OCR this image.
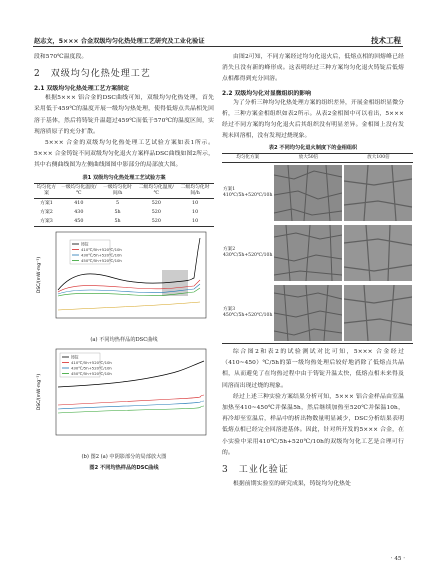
赵志文，5××× 合金双级均匀化热处理工艺研究及工业化验证	技术工程

段和570℃温度段。

2　双级均匀化热处理工艺
2.1 双级均匀化热处理工艺方案制定

根据5××× 铝合金的DSC曲线可知，双级均匀化热处理，首先采用低于459℃的温度开展一级均匀热处理，使得低熔点共晶相先回溶于基体，然后将铸锭升温超过459℃而低于570℃的温度区间，实现溶质原子的充分扩散。

5××× 合金的双级均匀化热处理工艺试验方案如表1所示。5××× 合金铸锭不同双级均匀化退火方案样品DSC曲线如图2所示，其中右侧曲线图为左侧曲线图图中影部分的局部放大图。

表1 双级均匀化热处理工艺试验方案
均匀化方案	一级均匀化温度/℃	一级均匀化时间/h	二级均匀化温度/℃	二级均匀化时间/h
方案1	410	5	520	10
方案2	430	5h	520	10
方案3	450	5h	520	10
DSC/(mW·mg⁻¹)
铸锭
410℃/5h+520℃/10h
430℃/5h+520℃/10h
450℃/5h+520℃/10h
(a) 不同均热样品的DSC曲线
DSC/(mW·mg⁻¹)
铸锭
410℃/5h+520℃/10h
430℃/5h+520℃/10h
450℃/5h+520℃/10h
(b) 图2 (a) 中阴影部分的局部放大图
图2 不同均热样品的DSC曲线

由图2可知，不同方案经过均匀化退火后，低熔点相的回熔峰已经消失且没有新的峰形成。这表明经过三种方案均匀化退火铸锭后低熔点相都得到充分回溶。

2.2 双级均匀化对显微组织的影响

为了分析三种均匀化热处理方案的组织差异，开展金相组织显微分析，三种方案金相组织如表2所示。从表2金相图中可以看出，5××× 经过不同方案的均匀化退火后其组织没有明显差异。金相图上没有发现未回溶相，没有发现过烧现象。

表2 不同均匀化退火制度下的金相组织
均匀化方案	放大50倍	放大100倍

方案1
410℃/5h+520℃/10h

方案2
430℃/5h+520℃/10h

方案3
450℃/5h+520℃/10h

综合图2和表2的试验测试对比可知，5××× 合金经过（410~450）℃/5h的第一级均热处理后较好地消除了低熔点共晶相，从而避免了在均热过程中由于铸锭升温太快，低熔点相未来得及回溶而出现过烧的现象。

经过上述三种实验方案结果分析可知，5××× 铝合金样品由室温加热至410~450℃并保温5h，然后继续加热至520℃并保温10h，再冷却至室温后，样品中的析出物数量明显减少，DSC分析结果表明低熔点相已经完全回溶进基体。因此，针对所开发的5××× 合金，在小实验中采用410℃/5h+520℃/10h的双级均匀化工艺是合理可行的。

3　工业化验证

根据前期实验室的研究成果，铸锭均匀化热处

· 45 ·
